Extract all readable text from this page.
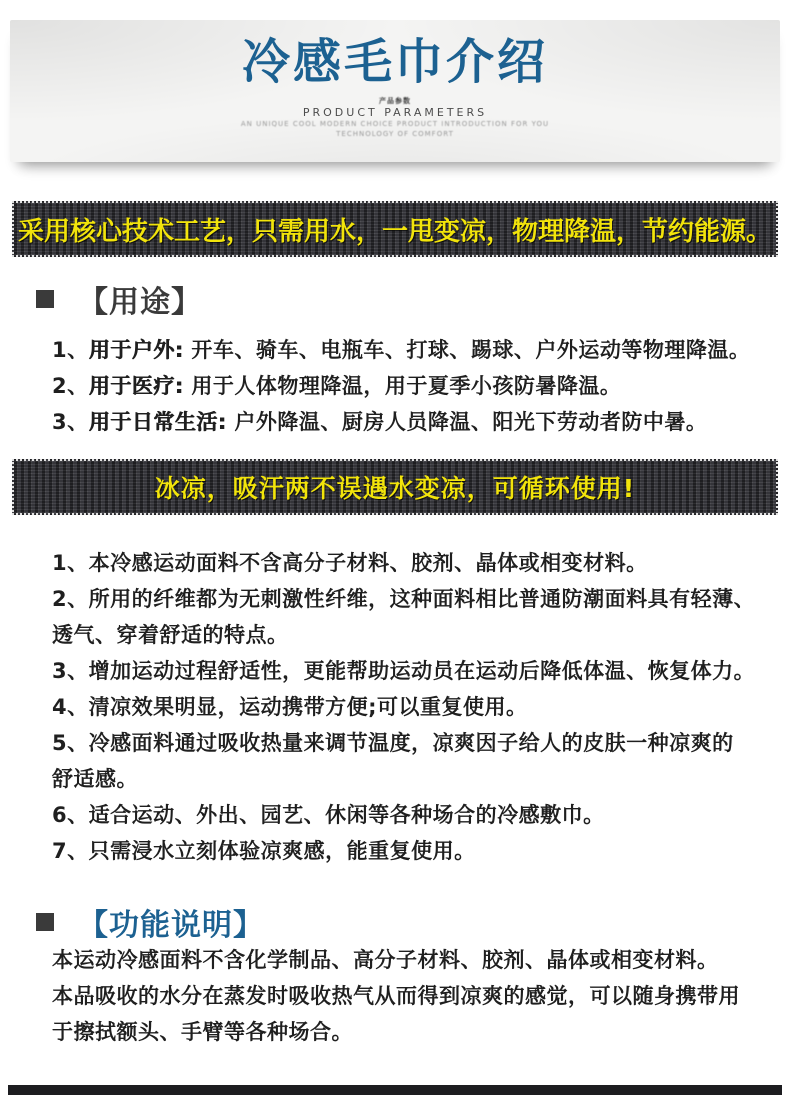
冷感毛巾介绍
产品参数
PRODUCT PARAMETERS
AN UNIQUE COOL MODERN CHOICE PRODUCT INTRODUCTION FOR YOU
TECHNOLOGY OF COMFORT
采用核心技术工艺，只需用水，一甩变凉，物理降温，节约能源。
【用途】
1、用于户外: 开车、骑车、电瓶车、打球、踢球、户外运动等物理降温。
2、用于医疗: 用于人体物理降温，用于夏季小孩防暑降温。
3、用于日常生活: 户外降温、厨房人员降温、阳光下劳动者防中暑。
冰凉，吸汗两不误遇水变凉，可循环使用!
1、本冷感运动面料不含高分子材料、胶剂、晶体或相变材料。
2、所用的纤维都为无刺激性纤维，这种面料相比普通防潮面料具有轻薄、
透气、穿着舒适的特点。
3、增加运动过程舒适性，更能帮助运动员在运动后降低体温、恢复体力。
4、清凉效果明显，运动携带方便;可以重复使用。
5、冷感面料通过吸收热量来调节温度，凉爽因子给人的皮肤一种凉爽的
舒适感。
6、适合运动、外出、园艺、休闲等各种场合的冷感敷巾。
7、只需浸水立刻体验凉爽感，能重复使用。
【功能说明】
本运动冷感面料不含化学制品、高分子材料、胶剂、晶体或相变材料。
本品吸收的水分在蒸发时吸收热气从而得到凉爽的感觉，可以随身携带用
于擦拭额头、手臂等各种场合。
